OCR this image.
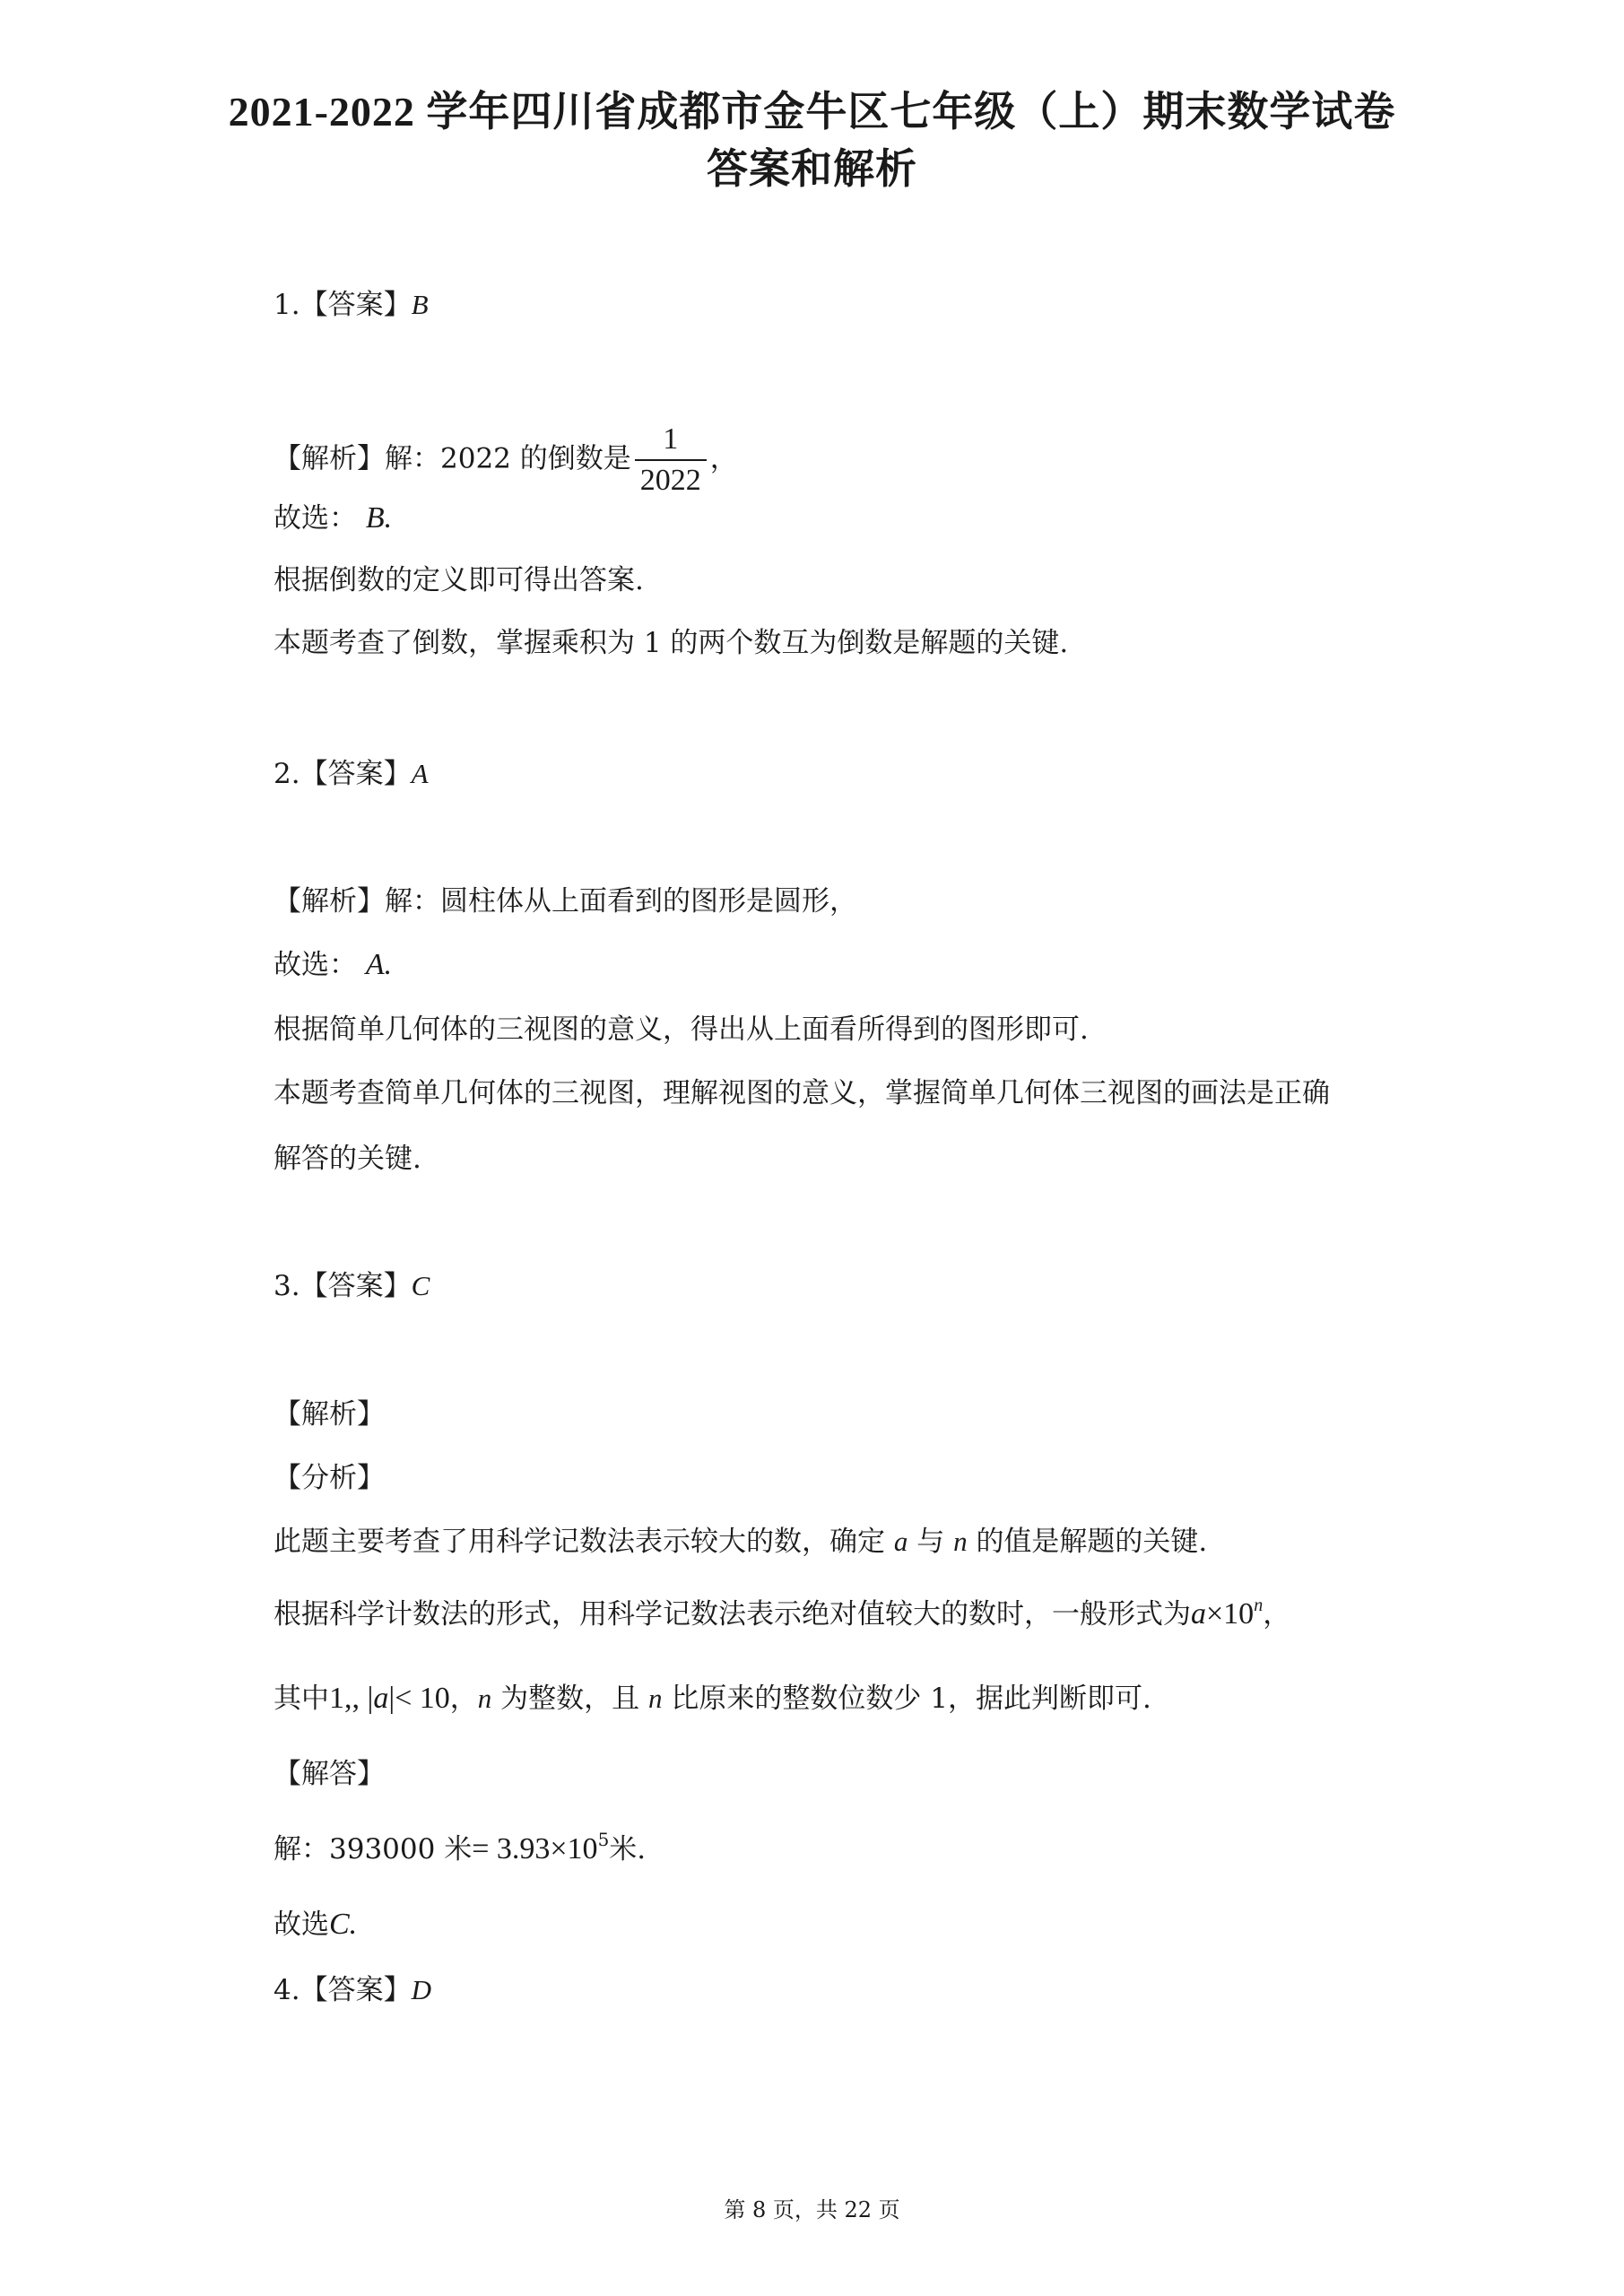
2021-2022 学年四川省成都市金牛区七年级（上）期末数学试卷
答案和解析

1.【答案】B

【解析】解：2022 的倒数是 $\frac{1}{2022}$ ，

故选： B.

根据倒数的定义即可得出答案.

本题考查了倒数，掌握乘积为 1 的两个数互为倒数是解题的关键.

2.【答案】A

【解析】解：圆柱体从上面看到的图形是圆形，

故选： A.

根据简单几何体的三视图的意义，得出从上面看所得到的图形即可.

本题考查简单几何体的三视图，理解视图的意义，掌握简单几何体三视图的画法是正确

解答的关键.

3.【答案】C

【解析】

【分析】

此题主要考查了用科学记数法表示较大的数，确定 a 与 n 的值是解题的关键.

根据科学计数法的形式，用科学记数法表示绝对值较大的数时，一般形式为$a\times 10^n$，

其中1,, |a|< 10，n 为整数，且 n 比原来的整数位数少 1，据此判断即可.

【解答】

解：393000 米= $3.93\times 10^5$米.

故选C.

4.【答案】D

第 8 页，共 22 页
